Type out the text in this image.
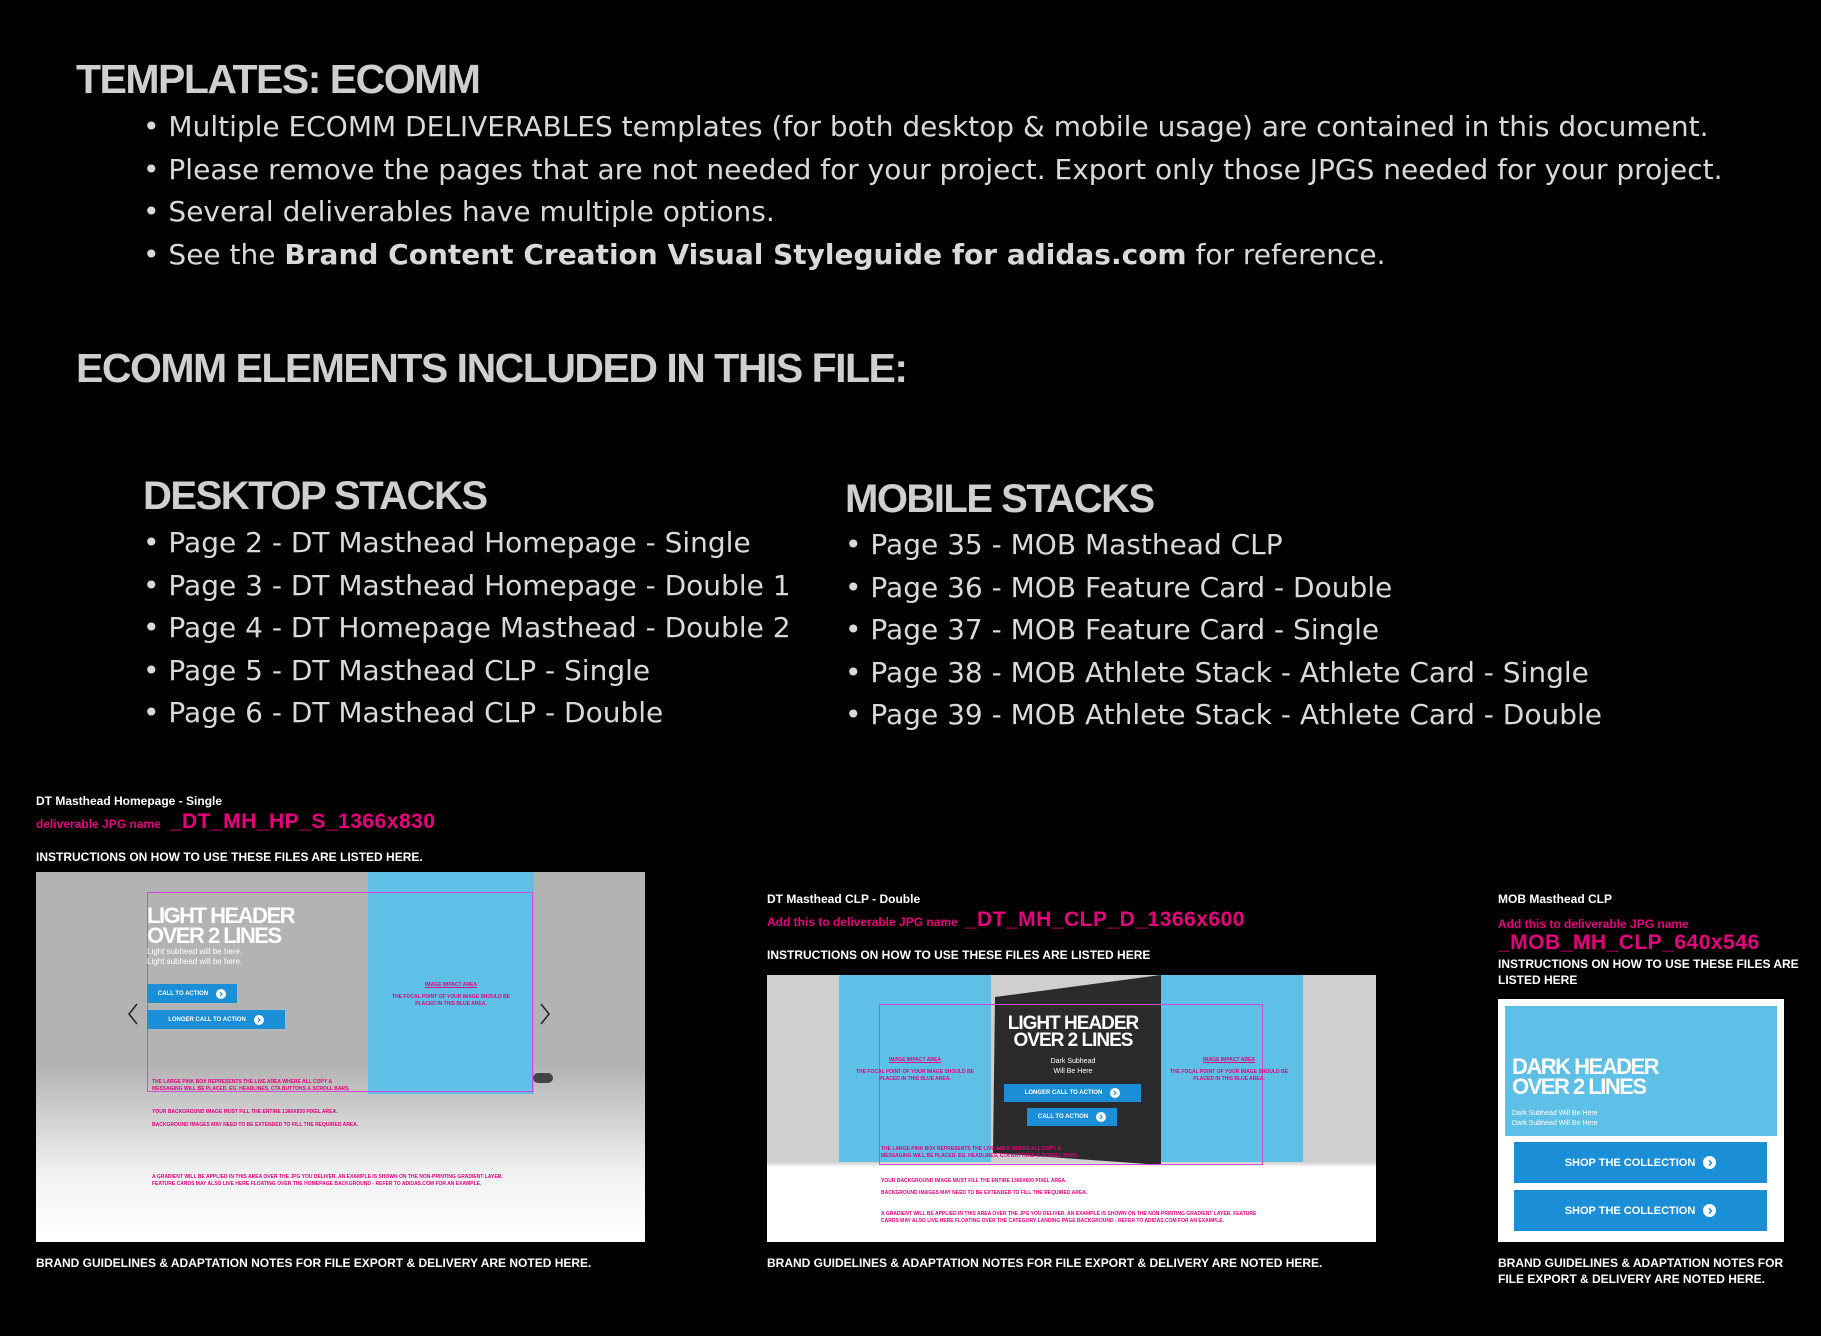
TEMPLATES: ECOMM
• Multiple ECOMM DELIVERABLES templates (for both desktop & mobile usage) are contained in this document.
• Please remove the pages that are not needed for your project. Export only those JPGS needed for your project.
• Several deliverables have multiple options.
• See the Brand Content Creation Visual Styleguide for adidas.com for reference.
ECOMM ELEMENTS INCLUDED IN THIS FILE:
DESKTOP STACKS
• Page 2 - DT Masthead Homepage - Single
• Page 3 - DT Masthead Homepage - Double 1
• Page 4 - DT Homepage Masthead - Double 2
• Page 5 - DT Masthead CLP - Single
• Page 6 - DT Masthead CLP - Double
MOBILE STACKS
• Page 35 - MOB Masthead CLP
• Page 36 - MOB Feature Card - Double
• Page 37 - MOB Feature Card - Single
• Page 38 - MOB Athlete Stack - Athlete Card - Single
• Page 39 - MOB Athlete Stack - Athlete Card - Double
DT Masthead Homepage - Single
deliverable JPG name _DT_MH_HP_S_1366x830
INSTRUCTIONS ON HOW TO USE THESE FILES ARE LISTED HERE.
LIGHT HEADER
OVER 2 LINES
Light subhead will be here.
Light subhead will be here.
CALL TO ACTION
LONGER CALL TO ACTION
IMAGE IMPACT AREA
THE FOCAL POINT OF YOUR IMAGE SHOULD BE PLACED IN THIS BLUE AREA.
THE LARGE PINK BOX REPRESENTS THE LIVE AREA WHERE ALL COPY & MESSAGING WILL BE PLACED. EG. HEADLINES, CTA BUTTONS & SCROLL BARS.
YOUR BACKGROUND IMAGE MUST FILL THE ENTIRE 1366X830 PIXEL AREA.
BACKGROUND IMAGES MAY NEED TO BE EXTENDED TO FILL THE REQUIRED AREA.
A GRADIENT WILL BE APPLIED IN THIS AREA OVER THE JPG YOU DELIVER. AN EXAMPLE IS SHOWN ON THE NON-PRINTING GRADIENT LAYER. FEATURE CARDS MAY ALSO LIVE HERE FLOATING OVER THE HOMEPAGE BACKGROUND - REFER TO ADIDAS.COM FOR AN EXAMPLE.
BRAND GUIDELINES & ADAPTATION NOTES FOR FILE EXPORT & DELIVERY ARE NOTED HERE.
DT Masthead CLP - Double
Add this to deliverable JPG name _DT_MH_CLP_D_1366x600
INSTRUCTIONS ON HOW TO USE THESE FILES ARE LISTED HERE
LIGHT HEADER
OVER 2 LINES
Dark Subhead
Will Be Here
LONGER CALL TO ACTION
CALL TO ACTION
IMAGE IMPACT AREA
THE FOCAL POINT OF YOUR IMAGE SHOULD BE PLACED IN THIS BLUE AREA.
IMAGE IMPACT AREA
THE FOCAL POINT OF YOUR IMAGE SHOULD BE PLACED IN THIS BLUE AREA.
THE LARGE PINK BOX REPRESENTS THE LIVE AREA WHERE ALL COPY & MESSAGING WILL BE PLACED. EG. HEADLINES, CTA BUTTONS & SCROLL BARS.
YOUR BACKGROUND IMAGE MUST FILL THE ENTIRE 1366X600 PIXEL AREA.
BACKGROUND IMAGES MAY NEED TO BE EXTENDED TO FILL THE REQUIRED AREA.
A GRADIENT WILL BE APPLIED IN THIS AREA OVER THE JPG YOU DELIVER. AN EXAMPLE IS SHOWN ON THE NON-PRINTING GRADIENT LAYER. FEATURE CARDS MAY ALSO LIVE HERE FLOATING OVER THE CATEGORY LANDING PAGE BACKGROUND - REFER TO ADIDAS.COM FOR AN EXAMPLE.
BRAND GUIDELINES & ADAPTATION NOTES FOR FILE EXPORT & DELIVERY ARE NOTED HERE.
MOB Masthead CLP
Add this to deliverable JPG name
_MOB_MH_CLP_640x546
INSTRUCTIONS ON HOW TO USE THESE FILES ARE
LISTED HERE
DARK HEADER
OVER 2 LINES
Dark Subhead Will Be Here
Dark Subhead Will Be Here
SHOP THE COLLECTION
SHOP THE COLLECTION
BRAND GUIDELINES & ADAPTATION NOTES FOR
FILE EXPORT & DELIVERY ARE NOTED HERE.
